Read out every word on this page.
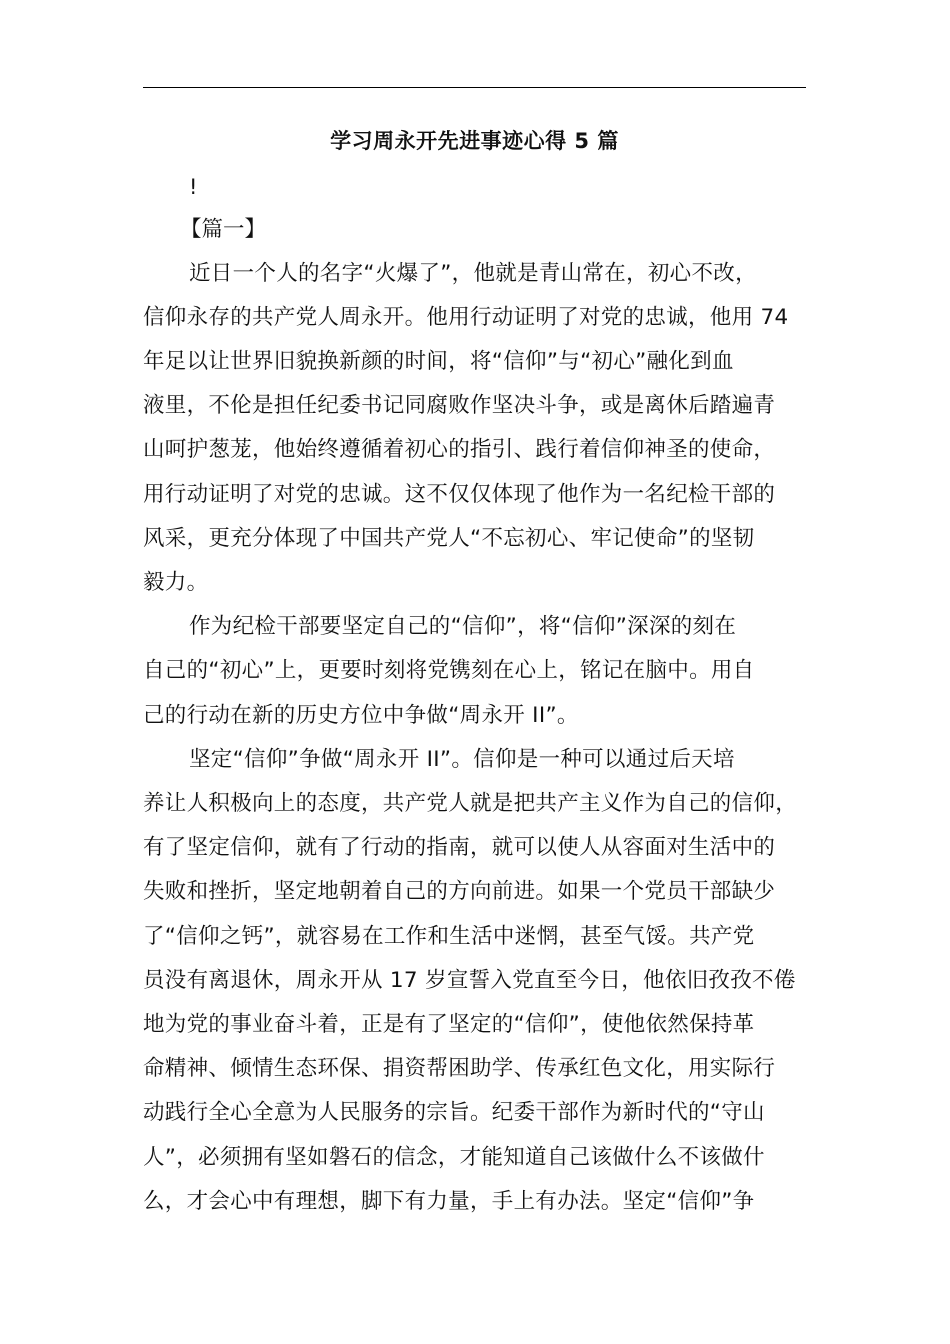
学习周永开先进事迹心得 5 篇
!
【篇一】
近日一个人的名字“火爆了”，他就是青山常在，初心不改，
信仰永存的共产党人周永开。他用行动证明了对党的忠诚，他用 74
年足以让世界旧貌换新颜的时间，将“信仰”与“初心”融化到血
液里，不伦是担任纪委书记同腐败作坚决斗争，或是离休后踏遍青
山呵护葱茏，他始终遵循着初心的指引、践行着信仰神圣的使命，
用行动证明了对党的忠诚。这不仅仅体现了他作为一名纪检干部的
风采，更充分体现了中国共产党人“不忘初心、牢记使命”的坚韧
毅力。
作为纪检干部要坚定自己的“信仰”，将“信仰”深深的刻在
自己的“初心”上，更要时刻将党镌刻在心上，铭记在脑中。用自
己的行动在新的历史方位中争做“周永开 II”。
坚定“信仰”争做“周永开 II”。信仰是一种可以通过后天培
养让人积极向上的态度，共产党人就是把共产主义作为自己的信仰，
有了坚定信仰，就有了行动的指南，就可以使人从容面对生活中的
失败和挫折，坚定地朝着自己的方向前进。如果一个党员干部缺少
了“信仰之钙”，就容易在工作和生活中迷惘，甚至气馁。共产党
员没有离退休，周永开从 17 岁宣誓入党直至今日，他依旧孜孜不倦
地为党的事业奋斗着，正是有了坚定的“信仰”，使他依然保持革
命精神、倾情生态环保、捐资帮困助学、传承红色文化，用实际行
动践行全心全意为人民服务的宗旨。纪委干部作为新时代的“守山
人”，必须拥有坚如磐石的信念，才能知道自己该做什么不该做什
么，才会心中有理想，脚下有力量，手上有办法。坚定“信仰”争
